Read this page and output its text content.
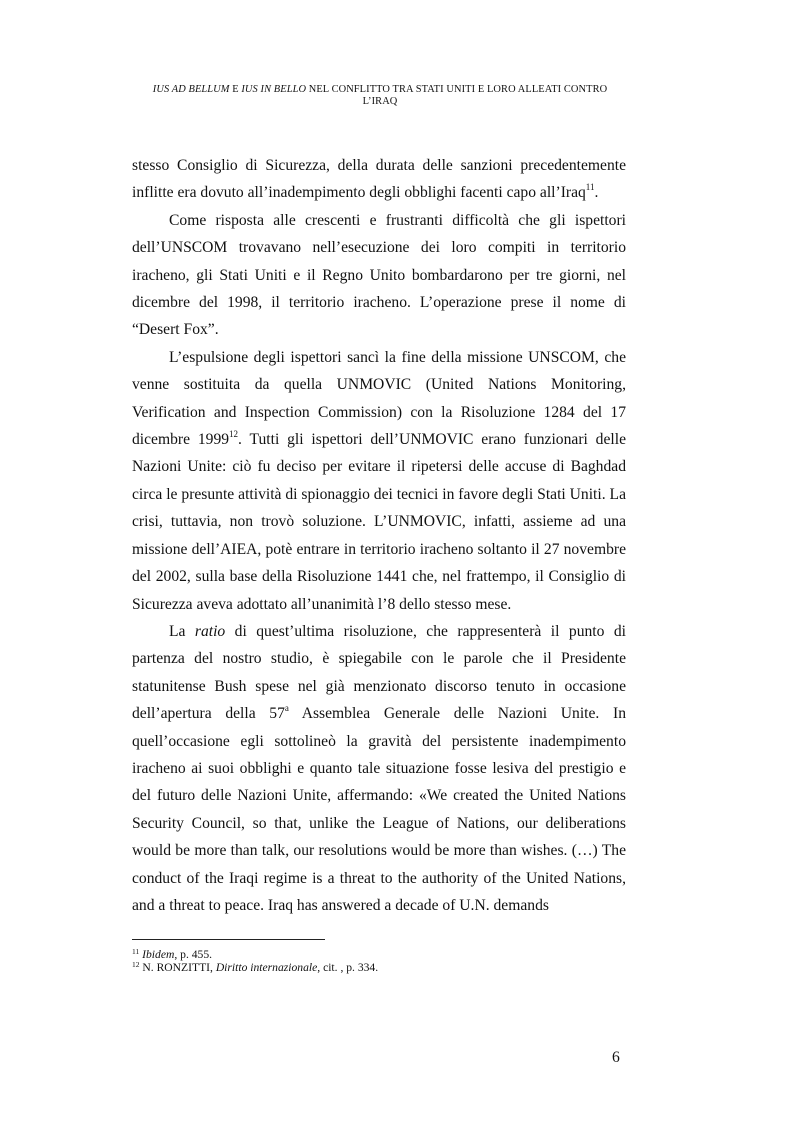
IUS AD BELLUM E IUS IN BELLO NEL CONFLITTO TRA STATI UNITI E LORO ALLEATI CONTRO
L’IRAQ

stesso Consiglio di Sicurezza, della durata delle sanzioni precedentemente inflitte era dovuto all’inadempimento degli obblighi facenti capo all’Iraq$^{11}$.

Come risposta alle crescenti e frustranti difficoltà che gli ispettori dell’UNSCOM trovavano nell’esecuzione dei loro compiti in territorio iracheno, gli Stati Uniti e il Regno Unito bombardarono per tre giorni, nel dicembre del 1998, il territorio iracheno. L’operazione prese il nome di “Desert Fox”.

L’espulsione degli ispettori sancì la fine della missione UNSCOM, che venne sostituita da quella UNMOVIC (United Nations Monitoring, Verification and Inspection Commission) con la Risoluzione 1284 del 17 dicembre 1999$^{12}$. Tutti gli ispettori dell’UNMOVIC erano funzionari delle Nazioni Unite: ciò fu deciso per evitare il ripetersi delle accuse di Baghdad circa le presunte attività di spionaggio dei tecnici in favore degli Stati Uniti. La crisi, tuttavia, non trovò soluzione. L’UNMOVIC, infatti, assieme ad una missione dell’AIEA, potè entrare in territorio iracheno soltanto il 27 novembre del 2002, sulla base della Risoluzione 1441 che, nel frattempo, il Consiglio di Sicurezza aveva adottato all’unanimità l’8 dello stesso mese.

La ratio di quest’ultima risoluzione, che rappresenterà il punto di partenza del nostro studio, è spiegabile con le parole che il Presidente statunitense Bush spese nel già menzionato discorso tenuto in occasione dell’apertura della 57$^a$ Assemblea Generale delle Nazioni Unite. In quell’occasione egli sottolineò la gravità del persistente inadempimento iracheno ai suoi obblighi e quanto tale situazione fosse lesiva del prestigio e del futuro delle Nazioni Unite, affermando: «We created the United Nations Security Council, so that, unlike the League of Nations, our deliberations would be more than talk, our resolutions would be more than wishes. (…) The conduct of the Iraqi regime is a threat to the authority of the United Nations, and a threat to peace. Iraq has answered a decade of U.N. demands

$^{11}$ Ibidem, p. 455.
$^{12}$ N. RONZITTI, Diritto internazionale, cit. , p. 334.
6
